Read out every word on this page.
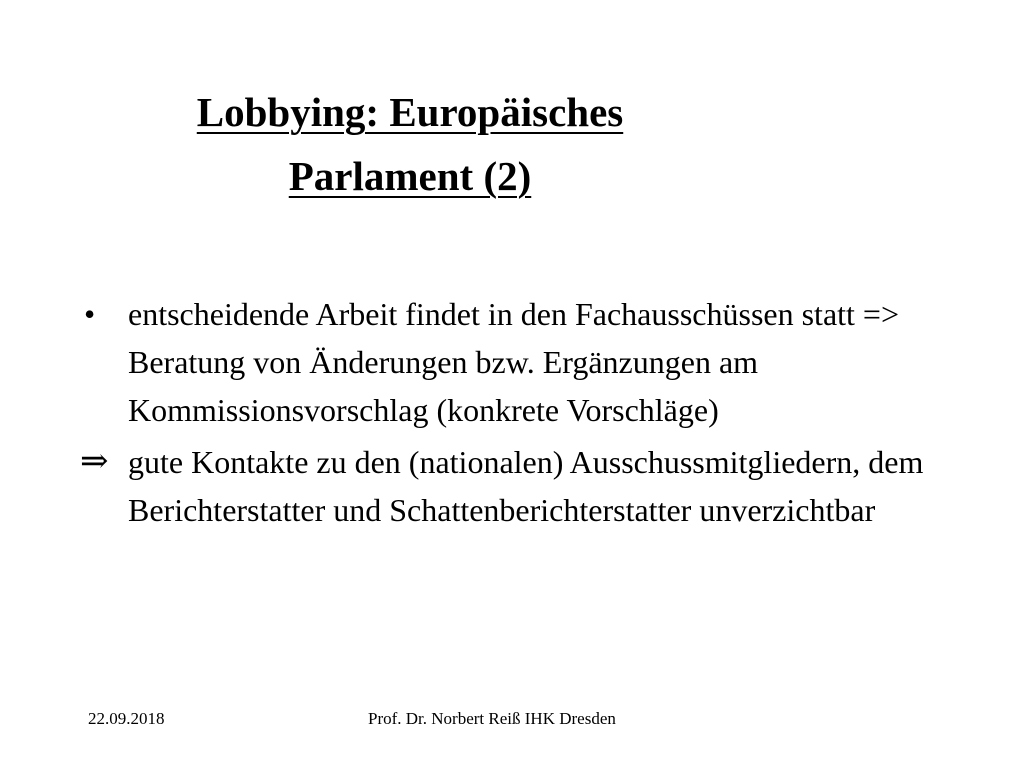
Lobbying: Europäisches
Parlament (2)
•	entscheidende Arbeit findet in den Fachausschüssen statt => Beratung von Änderungen bzw. Ergänzungen am Kommissionsvorschlag (konkrete Vorschläge)
⇒ gute Kontakte zu den (nationalen) Ausschussmitgliedern, dem Berichterstatter und Schattenberichterstatter unverzichtbar
22.09.2018	Prof. Dr. Norbert Reiß IHK Dresden
